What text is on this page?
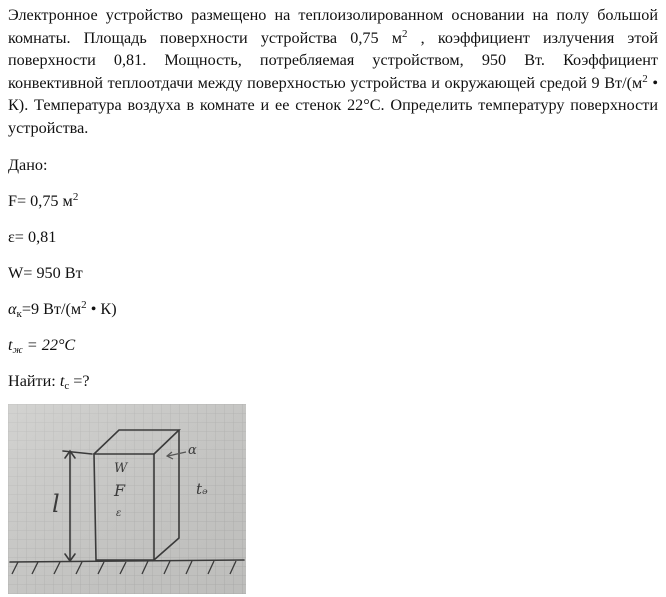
Электронное устройство размещено на теплоизолированном основании на полу большой комнаты. Площадь поверхности устройства 0,75 $м^2$ , коэффициент излучения этой поверхности 0,81. Мощность, потребляемая устройством, 950 Вт. Коэффициент конвективной теплоотдачи между поверхностью устройства и окружающей средой 9 $Вт/(м^2$ • К). Температура воздуха в комнате и ее стенок 22°С. Определить температуру поверхности устройства.

Дано:

F= 0,75 $м^2$

ε= 0,81

W= 950 Вт

$\alpha_к=9$ $Вт/(м^2$ • К)

$t_ж = 22^\circ C$

Найти: $t_с$ =?

l
W
F
ε
α
tₔ
